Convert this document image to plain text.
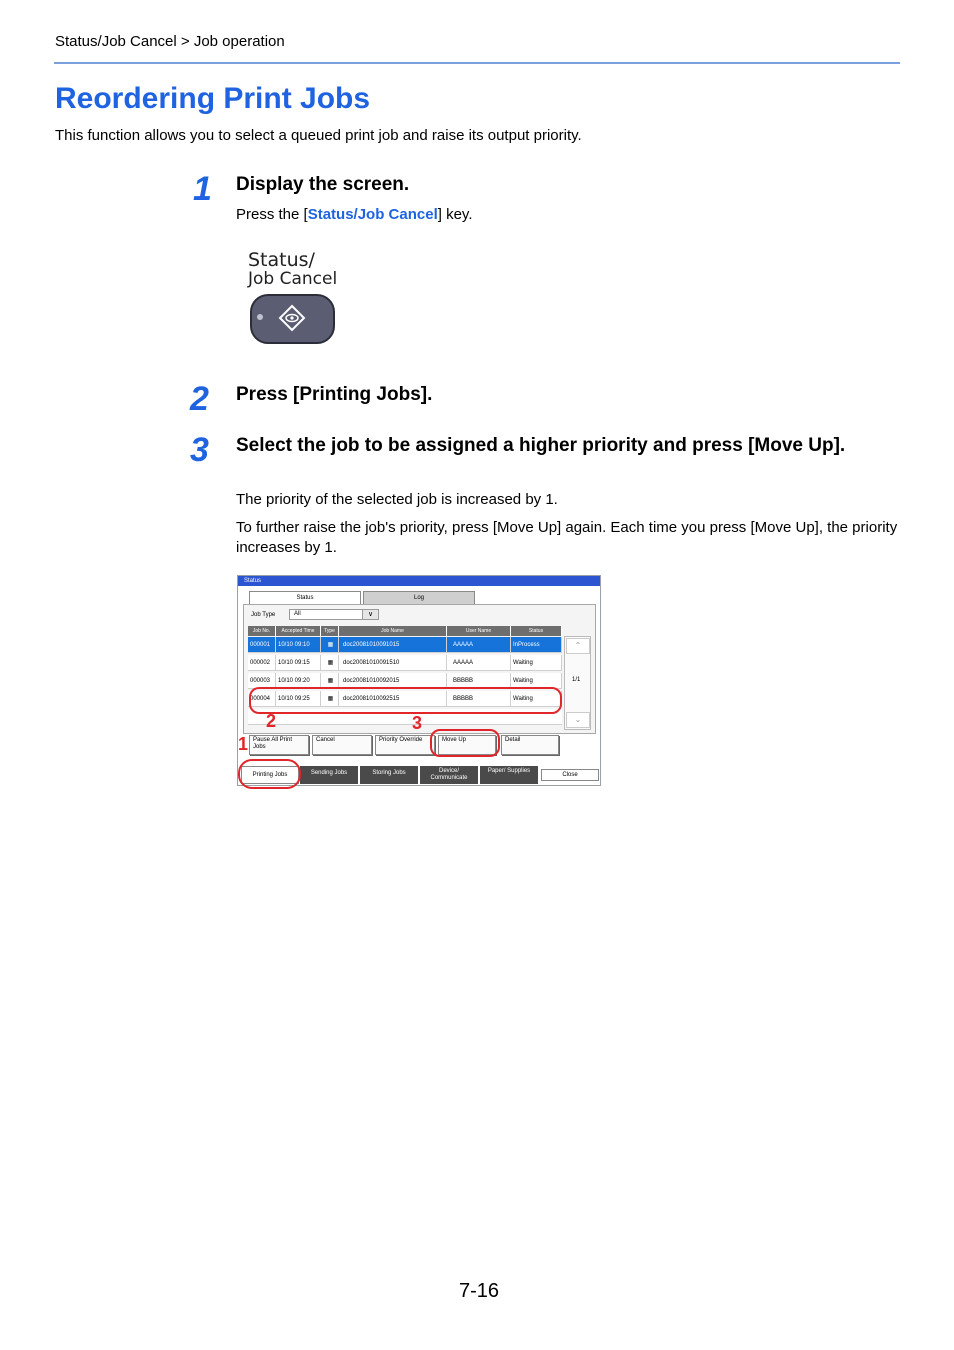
Status/Job Cancel > Job operation
Reordering Print Jobs
This function allows you to select a queued print job and raise its output priority.
1 Display the screen.
Press the [Status/Job Cancel] key.
Status/
Job Cancel
2 Press [Printing Jobs].
3 Select the job to be assigned a higher priority and press [Move Up].
The priority of the selected job is increased by 1.
To further raise the job's priority, press [Move Up] again. Each time you press [Move Up], the priority increases by 1.
Status
Status	Log
Job Type	All	∨
Job No.	Accepted Time	Type	Job Name	User Name	Status
000001	10/10 09:10	▦	doc20081010091015	AAAAA	InProcess
000002	10/10 09:15	▦	doc20081010091510	AAAAA	Waiting
000003	10/10 09:20	▦	doc20081010092015	BBBBB	Waiting
000004	10/10 09:25	▦	doc20081010092515	BBBBB	Waiting
⌃
1/1
⌄
Pause All Print Jobs
Cancel	Priority Override	Move Up	Detail
Printing Jobs	Sending Jobs	Storing Jobs	Device/ Communicate
Paper/ Supplies
Close
1
2	3
7-16
